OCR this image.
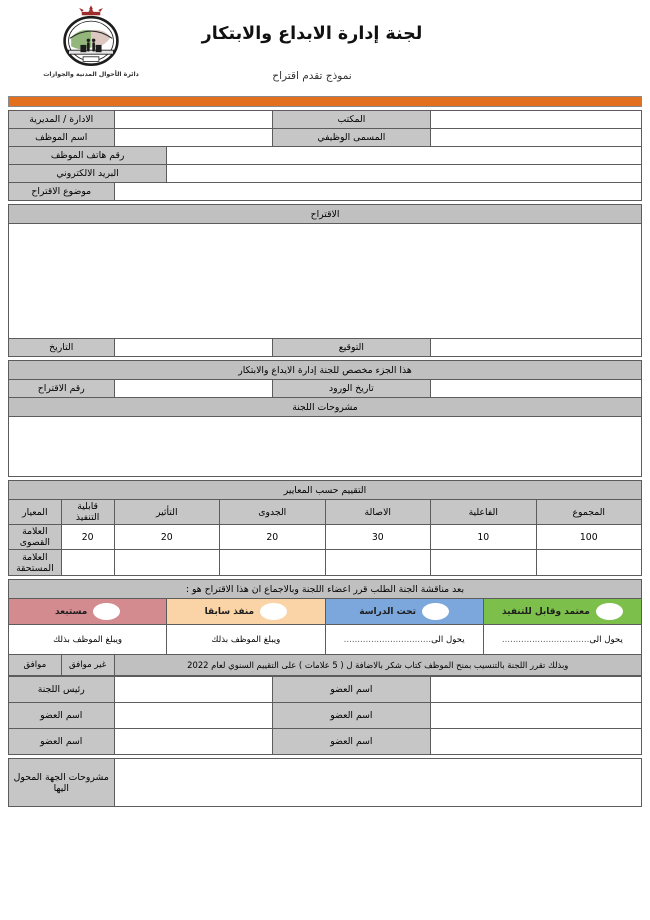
دائرة الأحوال المدنية والجوازات
لجنة إدارة الابداع والابتكار
نموذج تقدم اقتراح
	المكتب			الادارة / المديرية
	المسمى الوظيفي			اسم الموظف
			رقم هاتف الموظف	
			البريد الالكتروني	
				موضوع الاقتراح
الاقتراح

	التوقيع		التاريخ
هذا الجزء مخصص للجنة إدارة الايداع والابتكار
	تاريخ الورود		رقم الاقتراح
مشروحات اللجنة

التقييم حسب المعايير						
المجموع	الفاعلية	الاصالة	الجدوى	التأثير	قابلية التنفيذ	المعيار
100	10	30	20	20	20	العلامة القصوى
						العلامة المستحقة
	بعد مناقشة الجنة الطلب قرر اعضاء اللجنة وبالاجماع ان هذا الاقتراح هو :					

	معتمد وقابل للتنفيذ	تحت الدراسة	منفذ سابقا	مستبعد		

	يحول الى................................	يحول الى................................	ويبلغ الموظف بذلك	ويبلغ الموظف بذلك		
وبذلك تقرر اللجنة بالتنسيب بمنح الموظف كتاب شكر بالاضافة ل ( 5 علامات ) على التقييم السنوي لعام 2022					غير موافق	موافق
	اسم العضو		رئيس اللجنة
	اسم العضو		اسم العضو
	اسم العضو		اسم العضو
	مشروحات الجهة المحول اليها
